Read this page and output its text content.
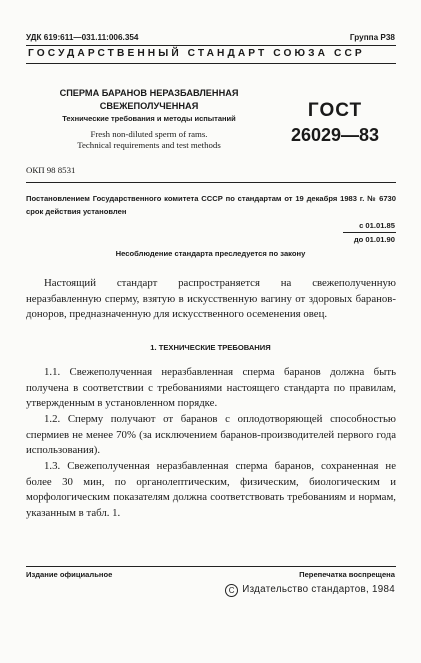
УДК 619:611—031.11:006.354	Группа Р38
ГОСУДАРСТВЕННЫЙ СТАНДАРТ СОЮЗА ССР
СПЕРМА БАРАНОВ НЕРАЗБАВЛЕННАЯ
СВЕЖЕПОЛУЧЕННАЯ
Технические требования и методы испытаний
Fresh non-diluted sperm of rams.
Technical requirements and test methods
ГОСТ
26029—83
ОКП 98 8531
Постановлением Государственного комитета СССР по стандартам от 19 декабря 1983 г. № 6730 срок действия установлен
с 01.01.85
до 01.01.90
Несоблюдение стандарта преследуется по закону
Настоящий стандарт распространяется на свежеполученную неразбавленную сперму, взятую в искусственную вагину от здоровых баранов-доноров, предназначенную для искусственного осеменения овец.
1. ТЕХНИЧЕСКИЕ ТРЕБОВАНИЯ
1.1. Свежеполученная неразбавленная сперма баранов должна быть получена в соответствии с требованиями настоящего стандарта по правилам, утвержденным в установленном порядке.
1.2. Сперму получают от баранов с оплодотворяющей способностью спермиев не менее 70% (за исключением баранов-производителей первого года использования).
1.3. Свежеполученная неразбавленная сперма баранов, сохраненная не более 30 мин, по органолептическим, физическим, биологическим и морфологическим показателям должна соответствовать требованиям и нормам, указанным в табл. 1.
Издание официальное	Перепечатка воспрещена
C Издательство стандартов, 1984
